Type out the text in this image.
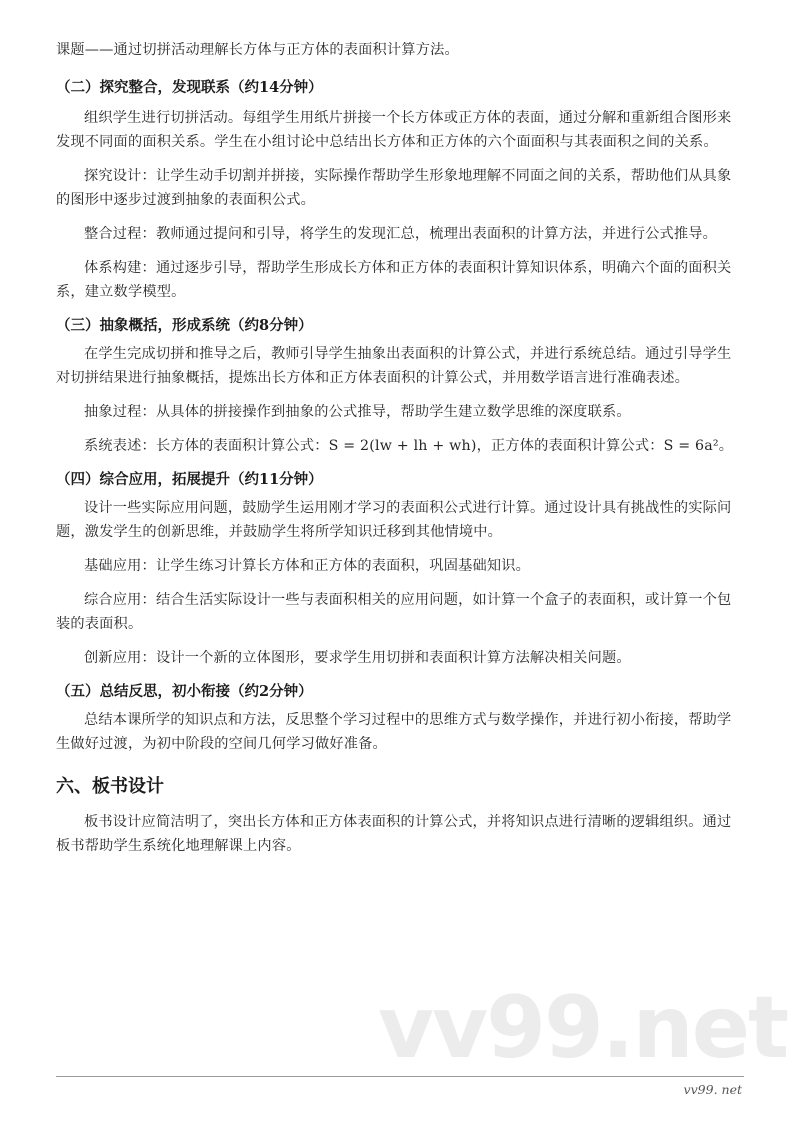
vv99.net

课题——通过切拼活动理解长方体与正方体的表面积计算方法。

（二）探究整合，发现联系（约14分钟）

组织学生进行切拼活动。每组学生用纸片拼接一个长方体或正方体的表面，通过分解和重新组合图形来发现不同面的面积关系。学生在小组讨论中总结出长方体和正方体的六个面面积与其表面积之间的关系。

探究设计：让学生动手切割并拼接，实际操作帮助学生形象地理解不同面之间的关系，帮助他们从具象的图形中逐步过渡到抽象的表面积公式。

整合过程：教师通过提问和引导，将学生的发现汇总，梳理出表面积的计算方法，并进行公式推导。

体系构建：通过逐步引导，帮助学生形成长方体和正方体的表面积计算知识体系，明确六个面的面积关系，建立数学模型。

（三）抽象概括，形成系统（约8分钟）

在学生完成切拼和推导之后，教师引导学生抽象出表面积的计算公式，并进行系统总结。通过引导学生对切拼结果进行抽象概括，提炼出长方体和正方体表面积的计算公式，并用数学语言进行准确表述。

抽象过程：从具体的拼接操作到抽象的公式推导，帮助学生建立数学思维的深度联系。

系统表述：长方体的表面积计算公式：S = 2(lw + lh + wh)，正方体的表面积计算公式：S = 6a²。

（四）综合应用，拓展提升（约11分钟）

设计一些实际应用问题，鼓励学生运用刚才学习的表面积公式进行计算。通过设计具有挑战性的实际问题，激发学生的创新思维，并鼓励学生将所学知识迁移到其他情境中。

基础应用：让学生练习计算长方体和正方体的表面积，巩固基础知识。

综合应用：结合生活实际设计一些与表面积相关的应用问题，如计算一个盒子的表面积，或计算一个包装的表面积。

创新应用：设计一个新的立体图形，要求学生用切拼和表面积计算方法解决相关问题。

（五）总结反思，初小衔接（约2分钟）

总结本课所学的知识点和方法，反思整个学习过程中的思维方式与数学操作，并进行初小衔接，帮助学生做好过渡，为初中阶段的空间几何学习做好准备。

六、板书设计

板书设计应简洁明了，突出长方体和正方体表面积的计算公式，并将知识点进行清晰的逻辑组织。通过板书帮助学生系统化地理解课上内容。

vv99. net
